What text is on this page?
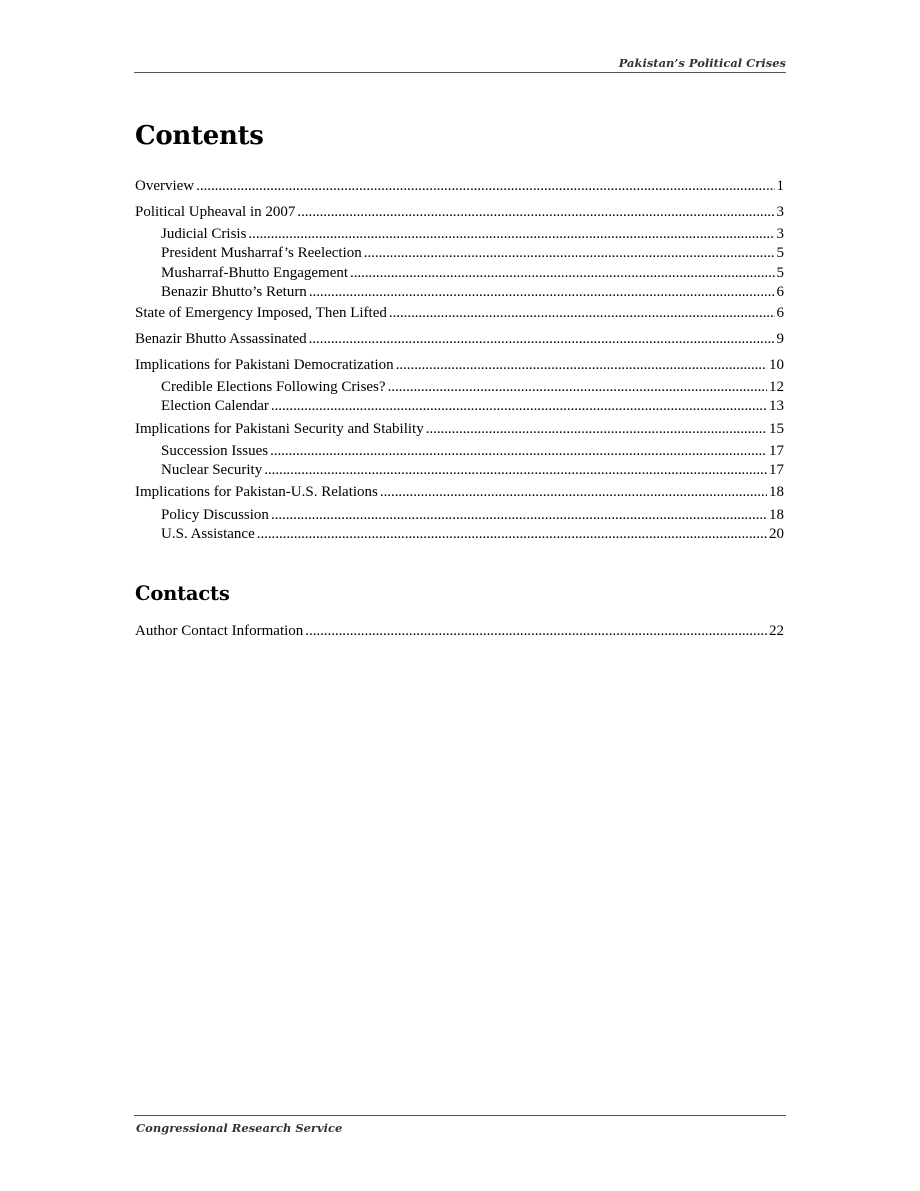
Pakistan’s Political Crises
Contents
Overview . . .	1
Political Upheaval in 2007 . . .	3
Judicial Crisis . . .	3
President Musharraf’s Reelection . . .	5
Musharraf-Bhutto Engagement . . .	5
Benazir Bhutto’s Return . . .	6
State of Emergency Imposed, Then Lifted . . .	6
Benazir Bhutto Assassinated . . .	9
Implications for Pakistani Democratization . . .	10
Credible Elections Following Crises? . . .	12
Election Calendar . . .	13
Implications for Pakistani Security and Stability . . .	15
Succession Issues . . .	17
Nuclear Security . . .	17
Implications for Pakistan-U.S. Relations . . .	18
Policy Discussion . . .	18
U.S. Assistance . . .	20
Contacts
Author Contact Information . . .	22
Congressional Research Service
